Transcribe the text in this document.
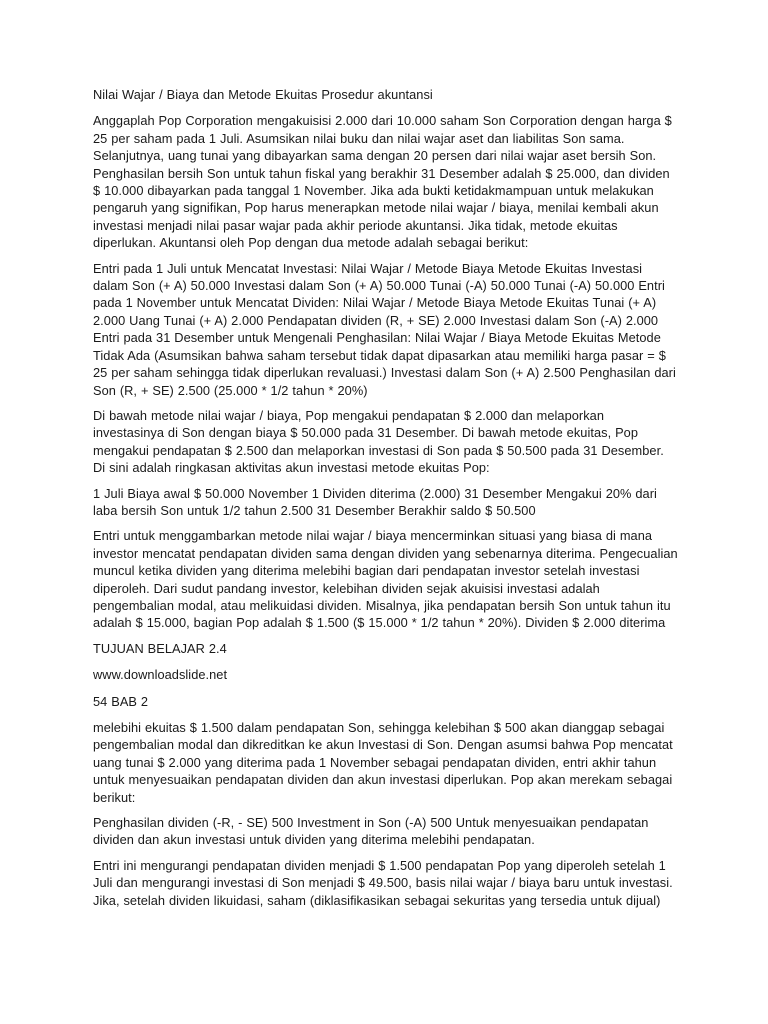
Nilai Wajar / Biaya dan Metode Ekuitas Prosedur akuntansi

Anggaplah Pop Corporation mengakuisisi 2.000 dari 10.000 saham Son Corporation dengan harga $ 25 per saham pada 1 Juli. Asumsikan nilai buku dan nilai wajar aset dan liabilitas Son sama. Selanjutnya, uang tunai yang dibayarkan sama dengan 20 persen dari nilai wajar aset bersih Son. Penghasilan bersih Son untuk tahun fiskal yang berakhir 31 Desember adalah $ 25.000, dan dividen $ 10.000 dibayarkan pada tanggal 1 November. Jika ada bukti ketidakmampuan untuk melakukan pengaruh yang signifikan, Pop harus menerapkan metode nilai wajar / biaya, menilai kembali akun investasi menjadi nilai pasar wajar pada akhir periode akuntansi. Jika tidak, metode ekuitas diperlukan. Akuntansi oleh Pop dengan dua metode adalah sebagai berikut:

Entri pada 1 Juli untuk Mencatat Investasi: Nilai Wajar / Metode Biaya Metode Ekuitas Investasi dalam Son (+ A) 50.000 Investasi dalam Son (+ A) 50.000 Tunai (-A) 50.000 Tunai (-A) 50.000 Entri pada 1 November untuk Mencatat Dividen: Nilai Wajar / Metode Biaya Metode Ekuitas Tunai (+ A) 2.000 Uang Tunai (+ A) 2.000 Pendapatan dividen (R, + SE) 2.000 Investasi dalam Son (-A) 2.000 Entri pada 31 Desember untuk Mengenali Penghasilan: Nilai Wajar / Biaya Metode Ekuitas Metode Tidak Ada (Asumsikan bahwa saham tersebut tidak dapat dipasarkan atau memiliki harga pasar = $ 25 per saham sehingga tidak diperlukan revaluasi.) Investasi dalam Son (+ A) 2.500 Penghasilan dari Son (R, + SE) 2.500 (25.000 * 1/2 tahun * 20%)

Di bawah metode nilai wajar / biaya, Pop mengakui pendapatan $ 2.000 dan melaporkan investasinya di Son dengan biaya $ 50.000 pada 31 Desember. Di bawah metode ekuitas, Pop mengakui pendapatan $ 2.500 dan melaporkan investasi di Son pada $ 50.500 pada 31 Desember. Di sini adalah ringkasan aktivitas akun investasi metode ekuitas Pop:

1 Juli Biaya awal $ 50.000 November 1 Dividen diterima (2.000) 31 Desember Mengakui 20% dari laba bersih Son untuk 1/2 tahun 2.500 31 Desember Berakhir saldo $ 50.500

Entri untuk menggambarkan metode nilai wajar / biaya mencerminkan situasi yang biasa di mana investor mencatat pendapatan dividen sama dengan dividen yang sebenarnya diterima. Pengecualian muncul ketika dividen yang diterima melebihi bagian dari pendapatan investor setelah investasi diperoleh. Dari sudut pandang investor, kelebihan dividen sejak akuisisi investasi adalah pengembalian modal, atau melikuidasi dividen. Misalnya, jika pendapatan bersih Son untuk tahun itu adalah $ 15.000, bagian Pop adalah $ 1.500 ($ 15.000 * 1/2 tahun * 20%). Dividen $ 2.000 diterima

TUJUAN BELAJAR 2.4

www.downloadslide.net

54 BAB 2

melebihi ekuitas $ 1.500 dalam pendapatan Son, sehingga kelebihan $ 500 akan dianggap sebagai pengembalian modal dan dikreditkan ke akun Investasi di Son. Dengan asumsi bahwa Pop mencatat uang tunai $ 2.000 yang diterima pada 1 November sebagai pendapatan dividen, entri akhir tahun untuk menyesuaikan pendapatan dividen dan akun investasi diperlukan. Pop akan merekam sebagai berikut:

Penghasilan dividen (-R, - SE) 500 Investment in Son (-A) 500 Untuk menyesuaikan pendapatan dividen dan akun investasi untuk dividen yang diterima melebihi pendapatan.

Entri ini mengurangi pendapatan dividen menjadi $ 1.500 pendapatan Pop yang diperoleh setelah 1 Juli dan mengurangi investasi di Son menjadi $ 49.500, basis nilai wajar / biaya baru untuk investasi. Jika, setelah dividen likuidasi, saham (diklasifikasikan sebagai sekuritas yang tersedia untuk dijual)
